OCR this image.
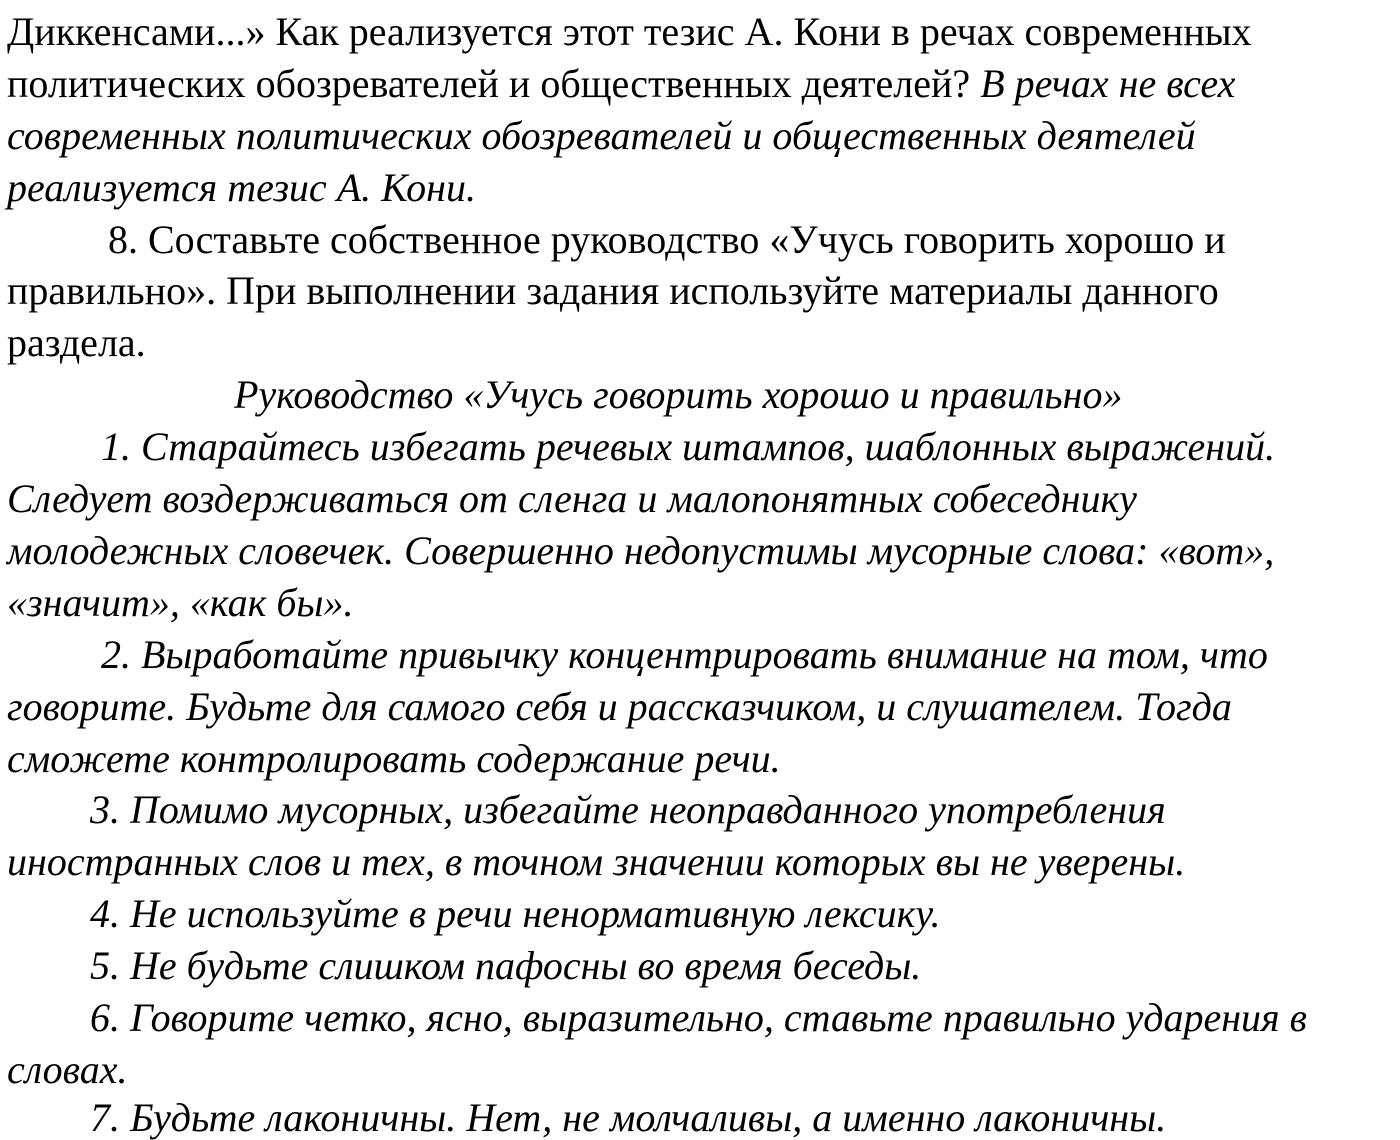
Диккенсами...» Как реализуется этот тезис А. Кони в речах современных
политических обозревателей и общественных деятелей? В речах не всех
современных политических обозревателей и общественных деятелей
реализуется тезис А. Кони.
8. Составьте собственное руководство «Учусь говорить хорошо и
правильно». При выполнении задания используйте материалы данного
раздела.
Руководство «Учусь говорить хорошо и правильно»
1. Старайтесь избегать речевых штампов, шаблонных выражений.
Следует воздерживаться от сленга и малопонятных собеседнику
молодежных словечек. Совершенно недопустимы мусорные слова: «вот»,
«значит», «как бы».
2. Выработайте привычку концентрировать внимание на том, что
говорите. Будьте для самого себя и рассказчиком, и слушателем. Тогда
сможете контролировать содержание речи.
3. Помимо мусорных, избегайте неоправданного употребления
иностранных слов и тех, в точном значении которых вы не уверены.
4. Не используйте в речи ненормативную лексику.
5. Не будьте слишком пафосны во время беседы.
6. Говорите четко, ясно, выразительно, ставьте правильно ударения в
словах.
7. Будьте лаконичны. Нет, не молчаливы, а именно лаконичны.
